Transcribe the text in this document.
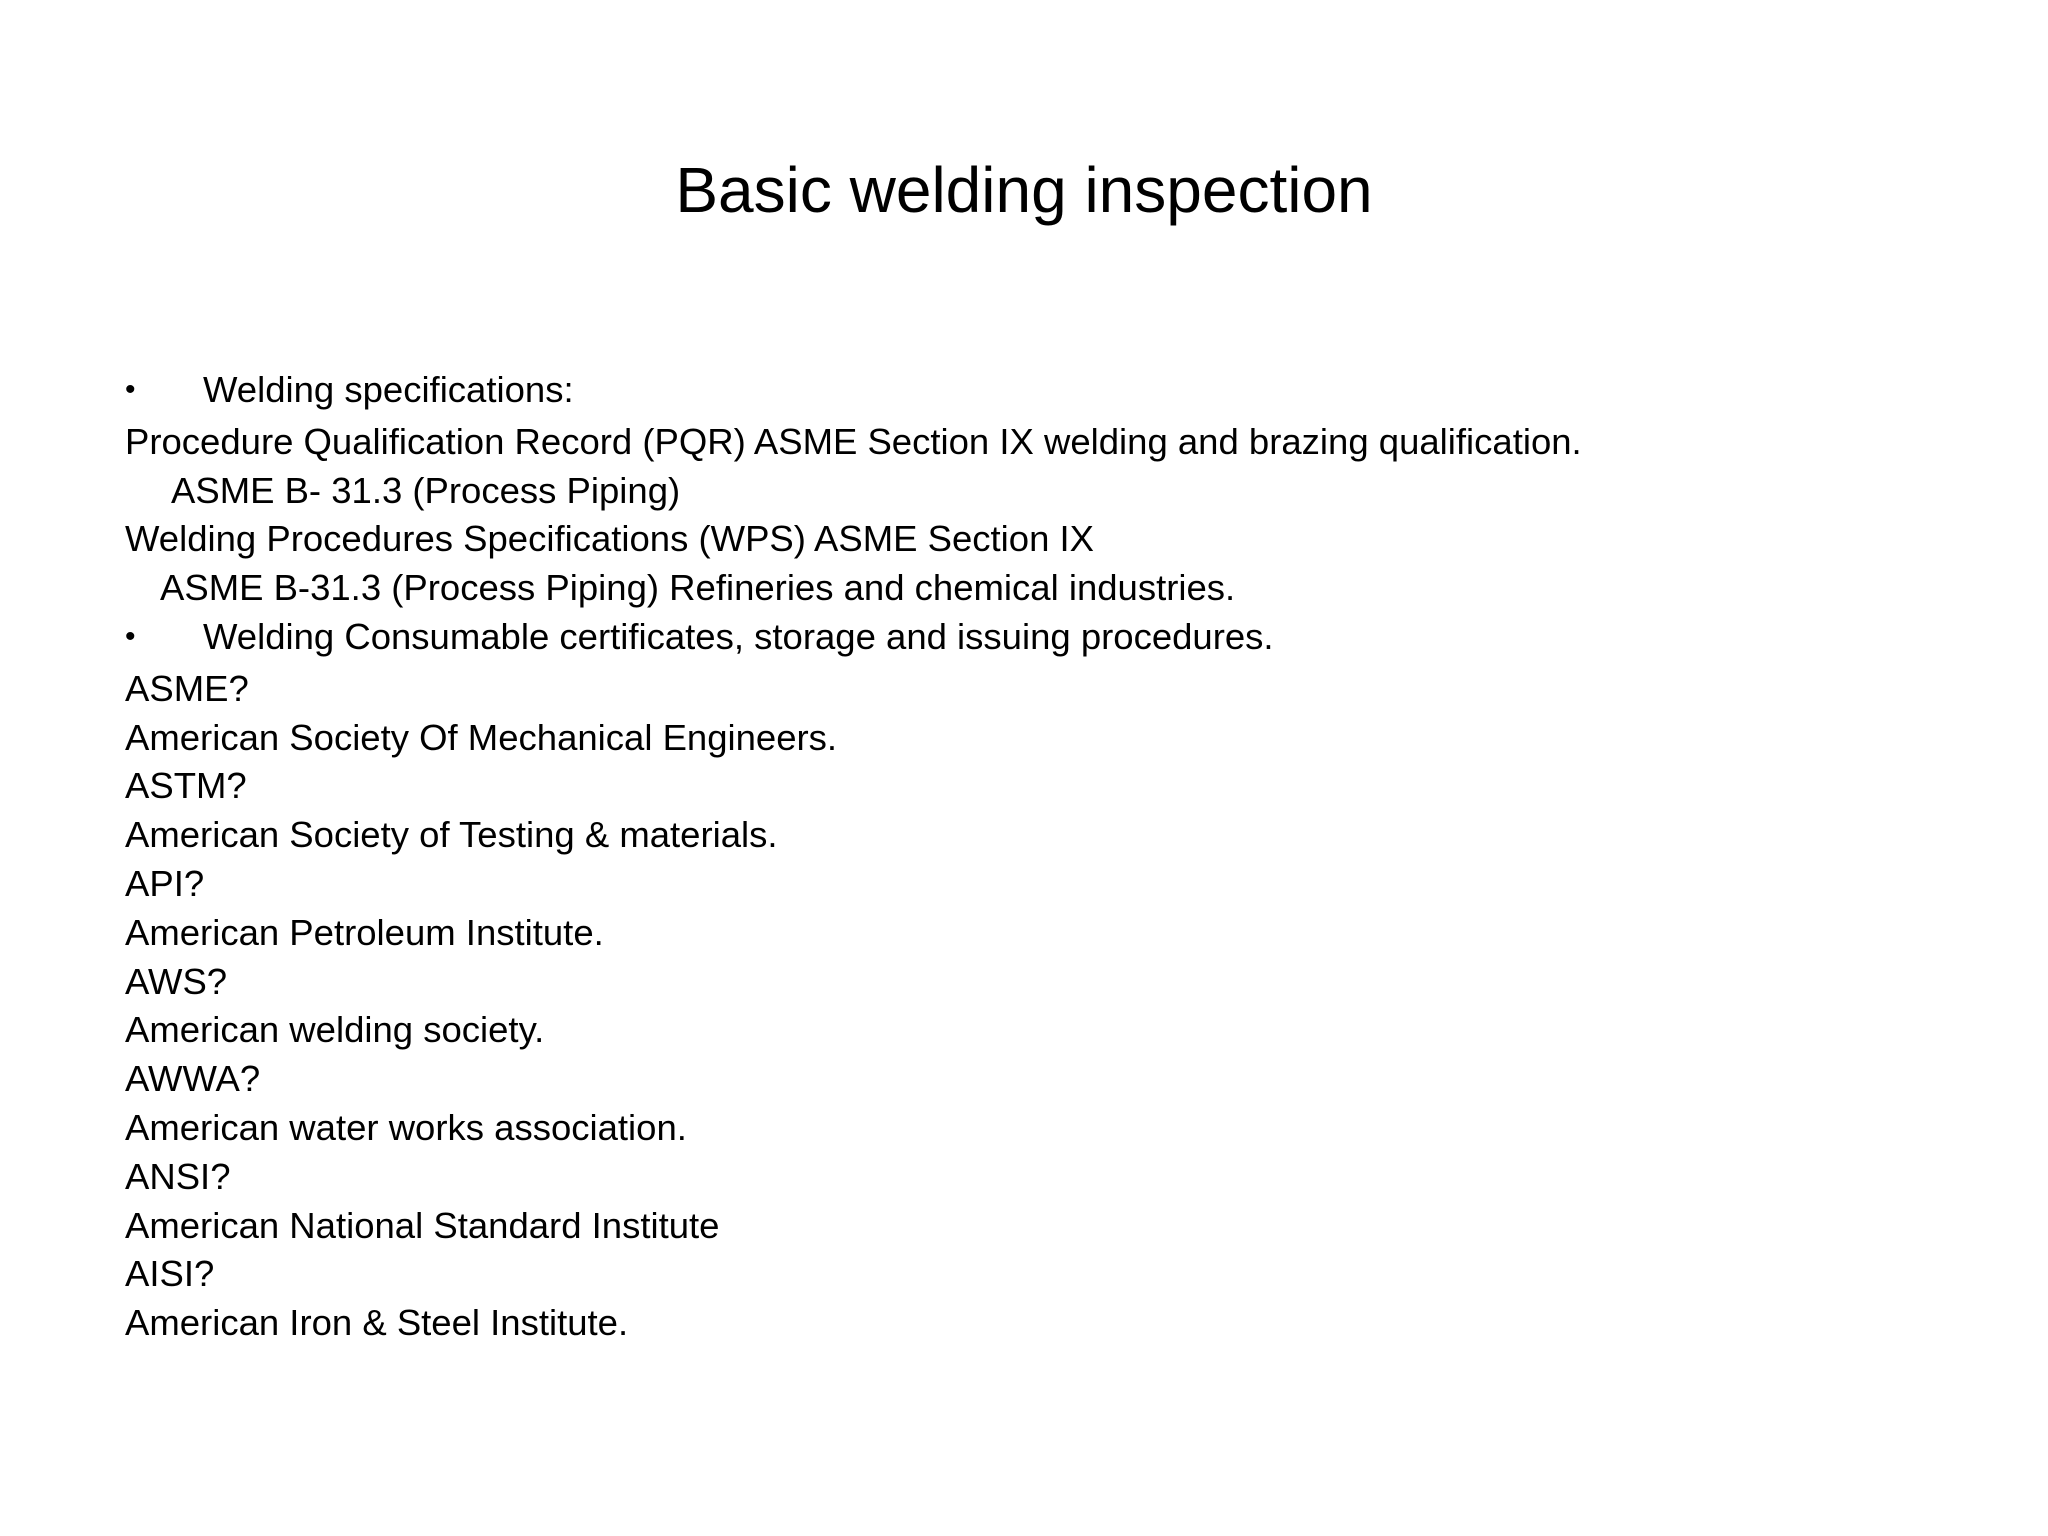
Basic welding inspection
•	Welding specifications:
Procedure Qualification Record (PQR) ASME Section IX welding and brazing qualification.
ASME B- 31.3 (Process Piping)
Welding Procedures Specifications (WPS) ASME Section IX
ASME B-31.3 (Process Piping) Refineries and chemical industries.
•	Welding Consumable certificates, storage and issuing procedures.
ASME?
American Society Of Mechanical Engineers.
ASTM?
American Society of Testing & materials.
API?
American Petroleum Institute.
AWS?
American welding society.
AWWA?
American water works association.
ANSI?
American National Standard Institute
AISI?
American Iron & Steel Institute.
